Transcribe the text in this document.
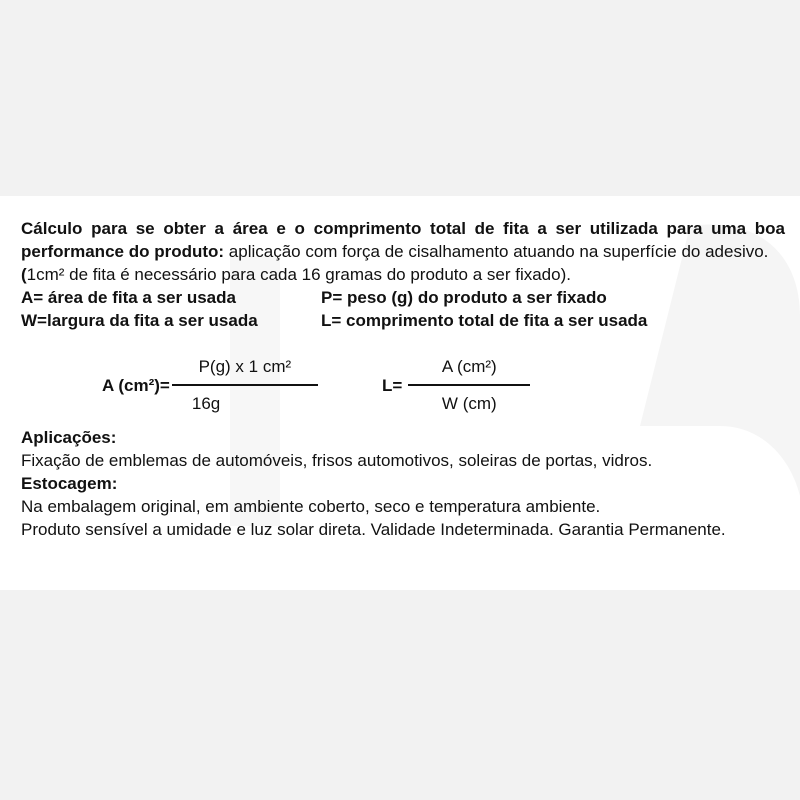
Cálculo para se obter a área e o comprimento total de fita a ser utilizada para uma boa performance do produto: aplicação com força de cisalhamento atuando na superfície do adesivo.
(1cm² de fita é necessário para cada 16 gramas do produto a ser fixado).

A= área de fita a ser usada	P= peso (g) do produto a ser fixado
W=largura da fita a ser usada	L= comprimento total de fita a ser usada
A (cm²)=
P(g) x 1 cm²
16g
$L= \frac{\text{A (cm²)}}{W (cm)}$

Aplicações:

Fixação de emblemas de automóveis, frisos automotivos, soleiras de portas, vidros.

Estocagem:

Na embalagem original, em ambiente coberto, seco e temperatura ambiente.

Produto sensível a umidade e luz solar direta. Validade Indeterminada. Garantia Permanente.
